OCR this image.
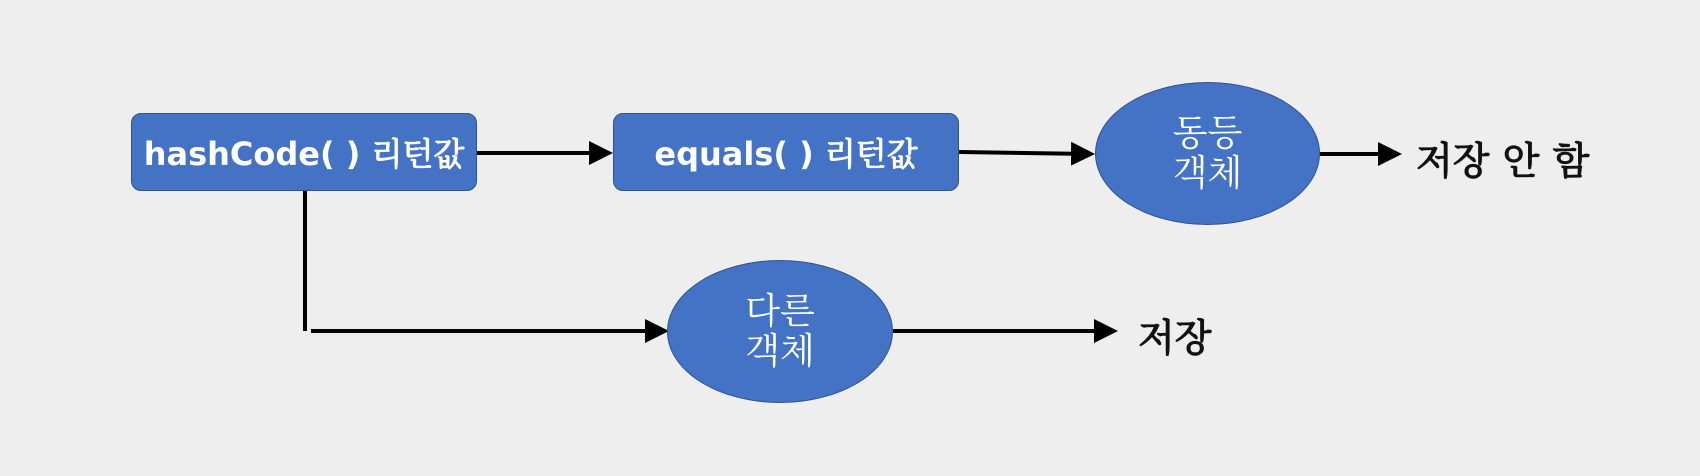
hashCode( ) 리턴값	equals( ) 리턴값
동등
객체
다른
객체
저장 안 함
저장
